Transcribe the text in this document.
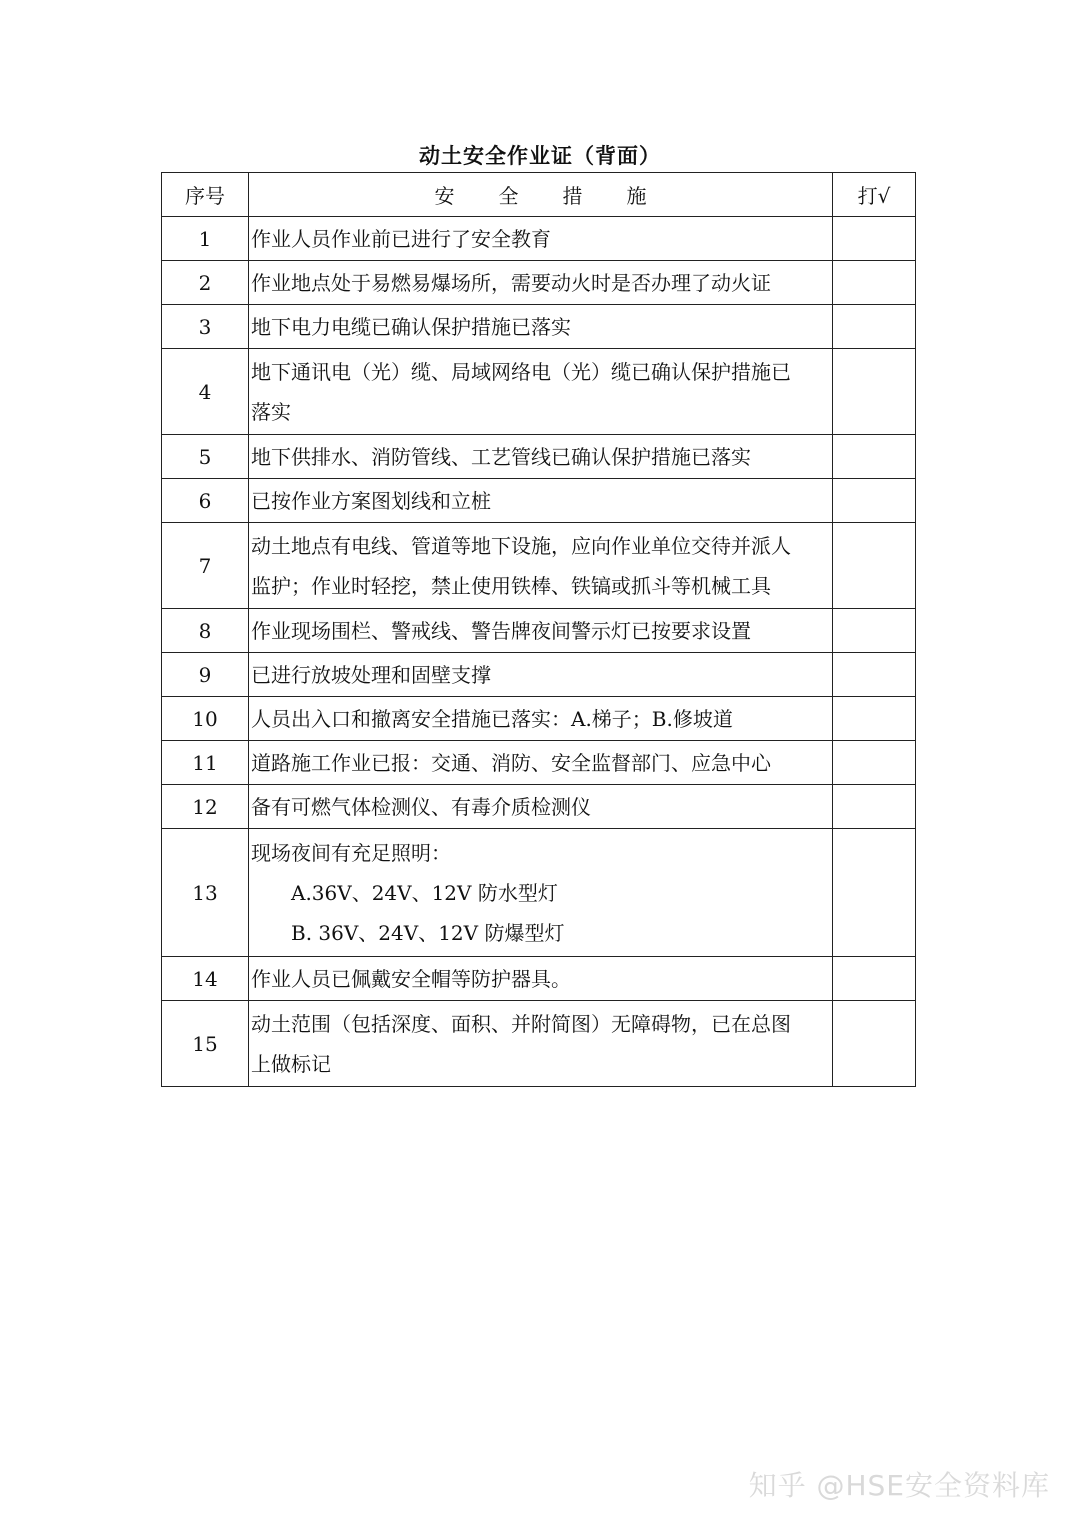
动土安全作业证（背面）
序号	安全措施	打√
1	作业人员作业前已进行了安全教育	

2	作业地点处于易燃易爆场所，需要动火时是否办理了动火证	

3	地下电力电缆已确认保护措施已落实	

4	地下通讯电（光）缆、局域网络电（光）缆已确认保护措施已
落实	

5	地下供排水、消防管线、工艺管线已确认保护措施已落实	

6	已按作业方案图划线和立桩	

7	动土地点有电线、管道等地下设施，应向作业单位交待并派人
监护；作业时轻挖，禁止使用铁棒、铁镐或抓斗等机械工具	

8	作业现场围栏、警戒线、警告牌夜间警示灯已按要求设置	

9	已进行放坡处理和固壁支撑	

10	人员出入口和撤离安全措施已落实：A.梯子；B.修坡道	

11	道路施工作业已报：交通、消防、安全监督部门、应急中心	

12	备有可燃气体检测仪、有毒介质检测仪	

13	现场夜间有充足照明：
A.36V、24V、12V 防水型灯
B. 36V、24V、12V 防爆型灯	

14	作业人员已佩戴安全帽等防护器具。	

15	动土范围（包括深度、面积、并附简图）无障碍物，已在总图
上做标记	

知乎 @HSE安全资料库
